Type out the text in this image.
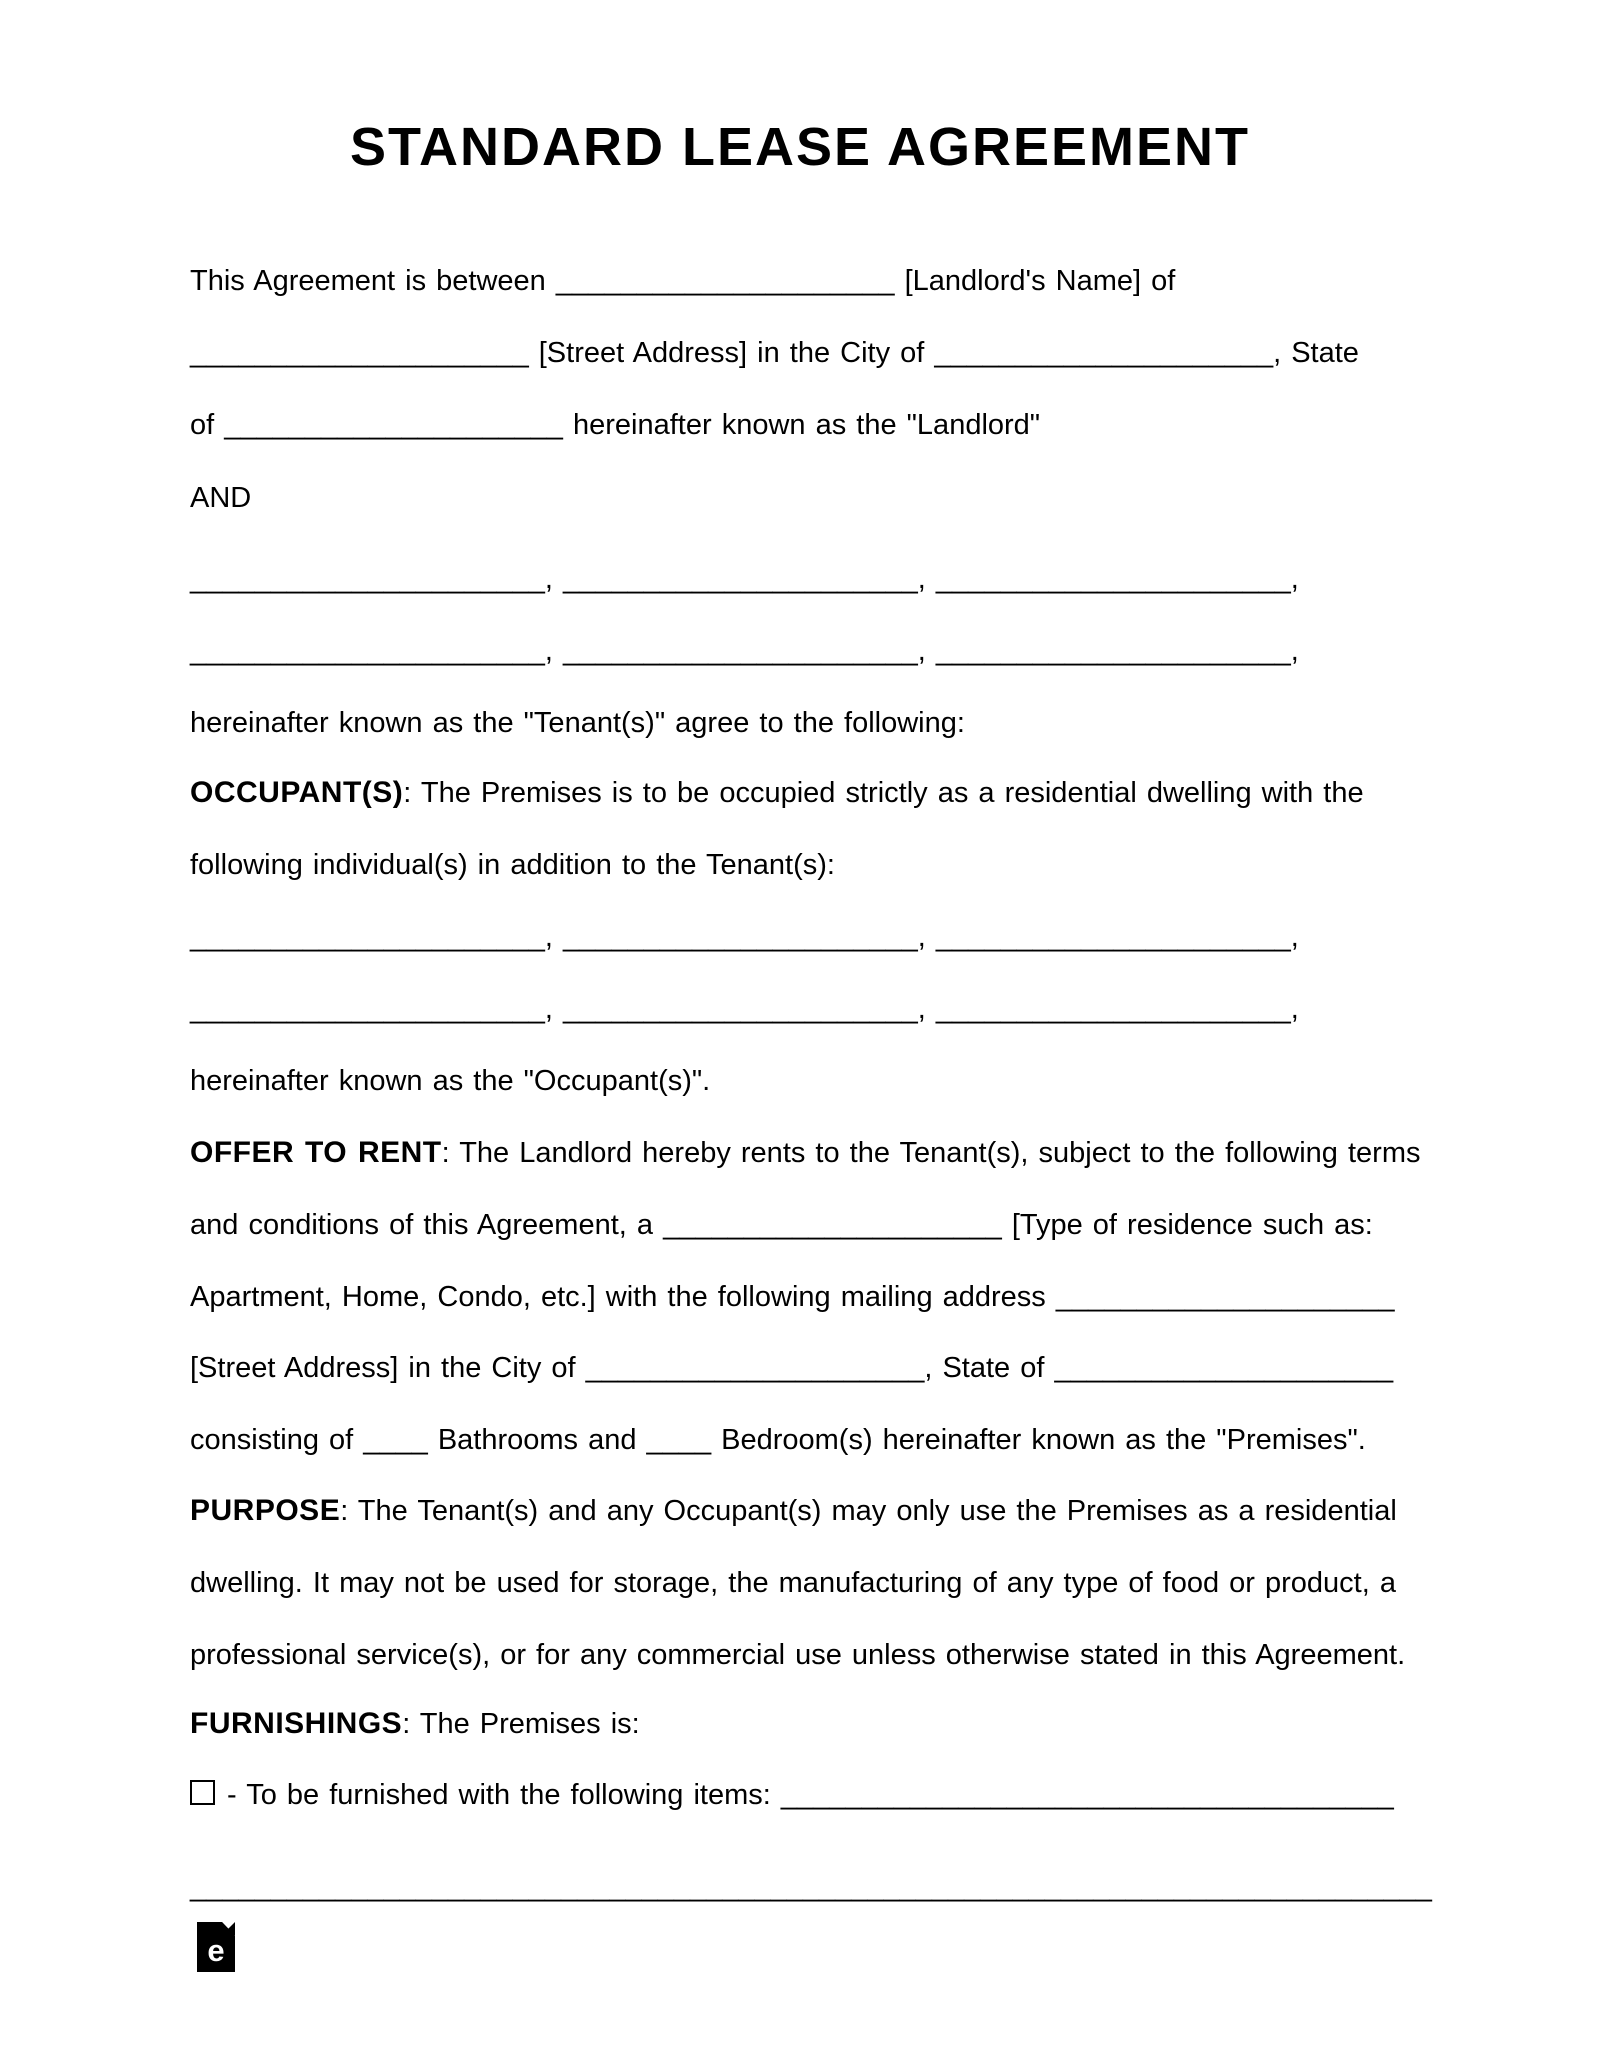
STANDARD LEASE AGREEMENT
This Agreement is between _____________________ [Landlord's Name] of
_____________________ [Street Address] in the City of _____________________, State
of _____________________ hereinafter known as the "Landlord"
AND
______________________, ______________________, ______________________,
______________________, ______________________, ______________________,
hereinafter known as the "Tenant(s)" agree to the following:
OCCUPANT(S): The Premises is to be occupied strictly as a residential dwelling with the
following individual(s) in addition to the Tenant(s):
______________________, ______________________, ______________________,
______________________, ______________________, ______________________,
hereinafter known as the "Occupant(s)".
OFFER TO RENT: The Landlord hereby rents to the Tenant(s), subject to the following terms
and conditions of this Agreement, a _____________________ [Type of residence such as:
Apartment, Home, Condo, etc.] with the following mailing address _____________________
[Street Address] in the City of _____________________, State of _____________________
consisting of ____ Bathrooms and ____ Bedroom(s) hereinafter known as the "Premises".
PURPOSE: The Tenant(s) and any Occupant(s) may only use the Premises as a residential
dwelling. It may not be used for storage, the manufacturing of any type of food or product, a
professional service(s), or for any commercial use unless otherwise stated in this Agreement.
FURNISHINGS: The Premises is:
- To be furnished with the following items: ______________________________________
_____________________________________________________________________________
e
